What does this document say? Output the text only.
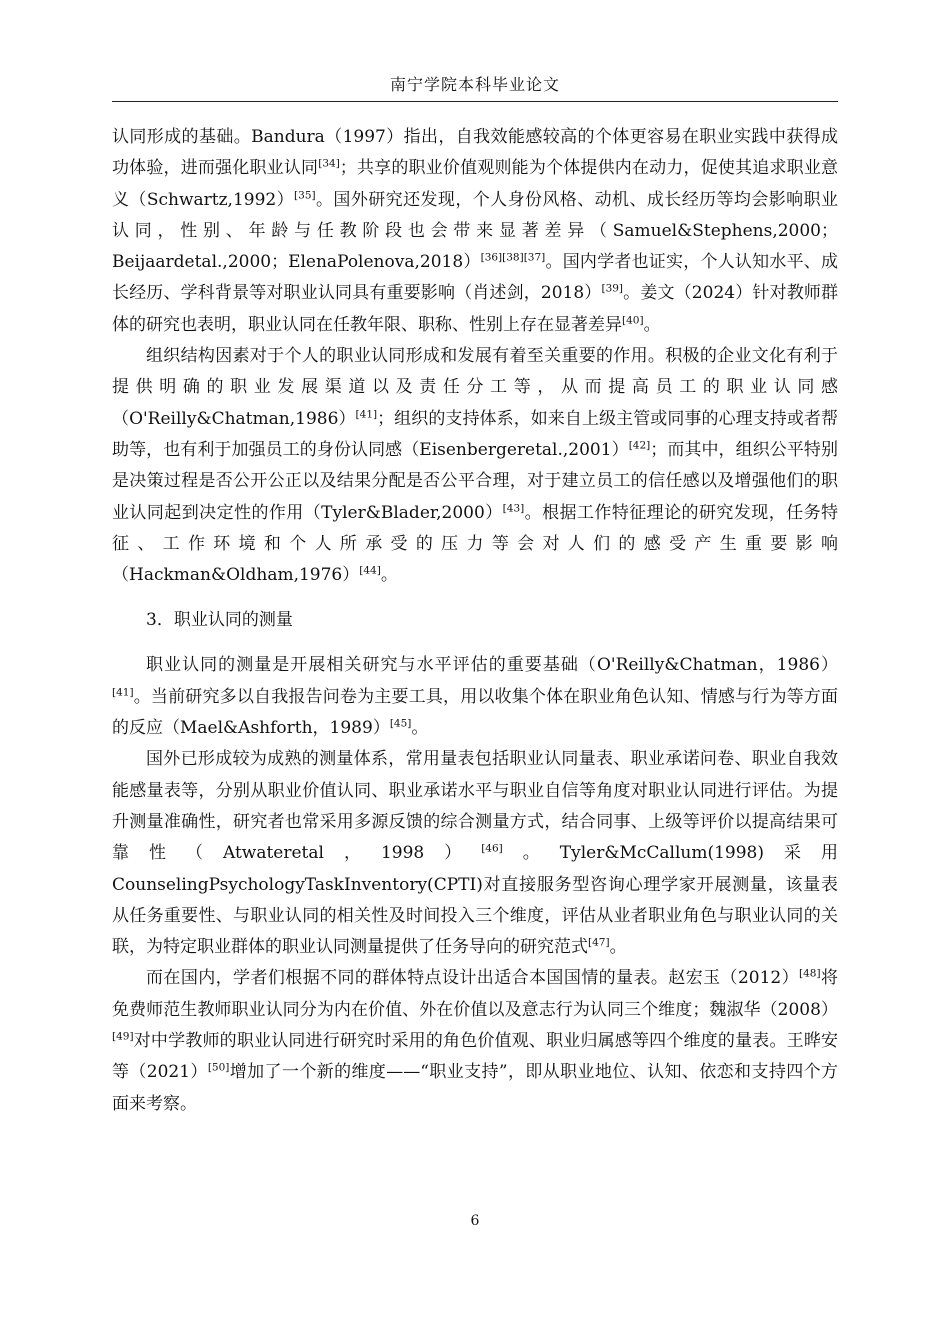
南宁学院本科毕业论文

认同形成的基础。Bandura（1997）指出，自我效能感较高的个体更容易在职业实践中获得成功体验，进而强化职业认同[34]；共享的职业价值观则能为个体提供内在动力，促使其追求职业意义（Schwartz,1992）[35]。国外研究还发现，个人身份风格、动机、成长经历等均会影响职业认同，性别、年龄与任教阶段也会带来显著差异（Samuel&Stephens,2000；Beijaardetal.,2000；ElenaPolenova,2018）[36][38][37]。国内学者也证实，个人认知水平、成长经历、学科背景等对职业认同具有重要影响（肖述剑，2018）[39]。姜文（2024）针对教师群体的研究也表明，职业认同在任教年限、职称、性别上存在显著差异[40]。

组织结构因素对于个人的职业认同形成和发展有着至关重要的作用。积极的企业文化有利于提供明确的职业发展渠道以及责任分工等，从而提高员工的职业认同感（O'Reilly&Chatman,1986）[41]；组织的支持体系，如来自上级主管或同事的心理支持或者帮助等，也有利于加强员工的身份认同感（Eisenbergeretal.,2001）[42]；而其中，组织公平特别是决策过程是否公开公正以及结果分配是否公平合理，对于建立员工的信任感以及增强他们的职业认同起到决定性的作用（Tyler&Blader,2000）[43]。根据工作特征理论的研究发现，任务特征、工作环境和个人所承受的压力等会对人们的感受产生重要影响（Hackman&Oldham,1976）[44]。

3．职业认同的测量

职业认同的测量是开展相关研究与水平评估的重要基础（O'Reilly&Chatman，1986）[41]。当前研究多以自我报告问卷为主要工具，用以收集个体在职业角色认知、情感与行为等方面的反应（Mael&Ashforth，1989）[45]。

国外已形成较为成熟的测量体系，常用量表包括职业认同量表、职业承诺问卷、职业自我效能感量表等，分别从职业价值认同、职业承诺水平与职业自信等角度对职业认同进行评估。为提升测量准确性，研究者也常采用多源反馈的综合测量方式，结合同事、上级等评价以提高结果可靠性（Atwateretal，1998）[46]。Tyler&McCallum(1998)采用CounselingPsychologyTaskInventory(CPTI)对直接服务型咨询心理学家开展测量，该量表从任务重要性、与职业认同的相关性及时间投入三个维度，评估从业者职业角色与职业认同的关联，为特定职业群体的职业认同测量提供了任务导向的研究范式[47]。

而在国内，学者们根据不同的群体特点设计出适合本国国情的量表。赵宏玉（2012）[48]将免费师范生教师职业认同分为内在价值、外在价值以及意志行为认同三个维度；魏淑华（2008）[49]对中学教师的职业认同进行研究时采用的角色价值观、职业归属感等四个维度的量表。王晔安等（2021）[50]增加了一个新的维度——“职业支持”，即从职业地位、认知、依恋和支持四个方面来考察。

6
